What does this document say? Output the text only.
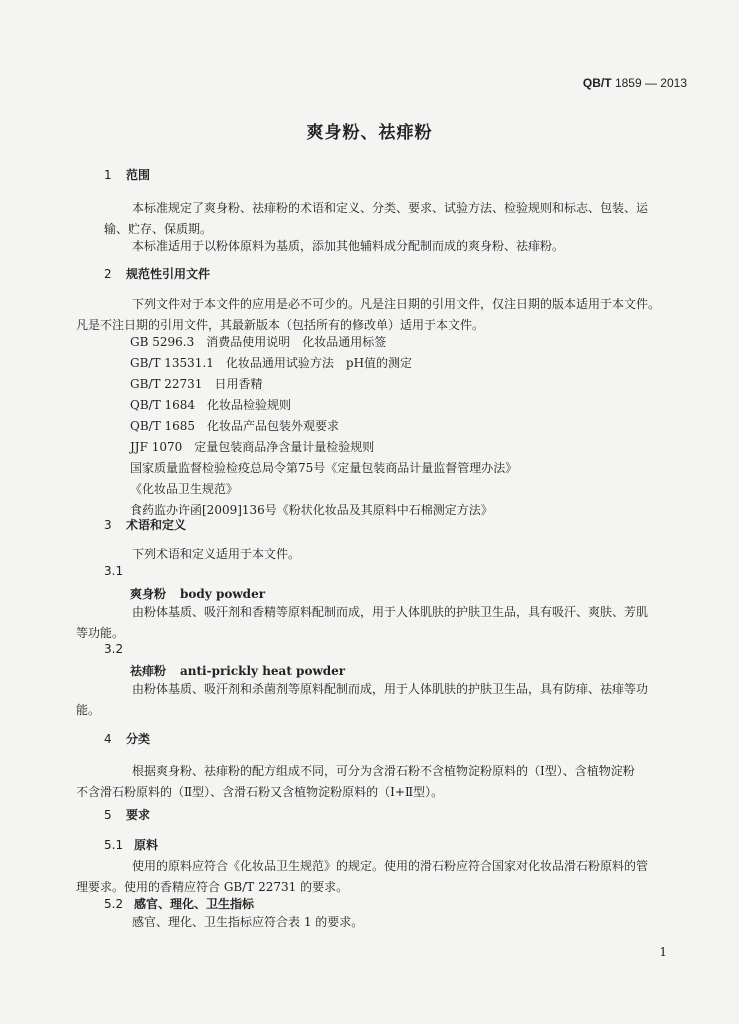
QB/T 1859 — 2013
爽身粉、祛痱粉
1 范围
本标准规定了爽身粉、祛痱粉的术语和定义、分类、要求、试验方法、检验规则和标志、包装、运
输、贮存、保质期。
本标准适用于以粉体原料为基质，添加其他辅料成分配制而成的爽身粉、祛痱粉。
2 规范性引用文件
下列文件对于本文件的应用是必不可少的。凡是注日期的引用文件，仅注日期的版本适用于本文件。
凡是不注日期的引用文件，其最新版本（包括所有的修改单）适用于本文件。
GB 5296.3　消费品使用说明　化妆品通用标签
GB/T 13531.1　化妆品通用试验方法　pH值的测定
GB/T 22731　日用香精
QB/T 1684　化妆品检验规则
QB/T 1685　化妆品产品包装外观要求
JJF 1070　定量包装商品净含量计量检验规则
国家质量监督检验检疫总局令第75号《定量包装商品计量监督管理办法》
《化妆品卫生规范》
食药监办许函[2009]136号《粉状化妆品及其原料中石棉测定方法》
3 术语和定义
下列术语和定义适用于本文件。
3.1
爽身粉 body powder
由粉体基质、吸汗剂和香精等原料配制而成，用于人体肌肤的护肤卫生品，具有吸汗、爽肤、芳肌
等功能。
3.2
祛痱粉 anti-prickly heat powder
由粉体基质、吸汗剂和杀菌剂等原料配制而成，用于人体肌肤的护肤卫生品，具有防痱、祛痱等功
能。
4 分类
根据爽身粉、祛痱粉的配方组成不同，可分为含滑石粉不含植物淀粉原料的（Ⅰ型）、含植物淀粉
不含滑石粉原料的（Ⅱ型）、含滑石粉又含植物淀粉原料的（Ⅰ+Ⅱ型）。
5 要求
5.1 原料
使用的原料应符合《化妆品卫生规范》的规定。使用的滑石粉应符合国家对化妆品滑石粉原料的管
理要求。使用的香精应符合 GB/T 22731 的要求。
5.2 感官、理化、卫生指标
感官、理化、卫生指标应符合表 1 的要求。
1
